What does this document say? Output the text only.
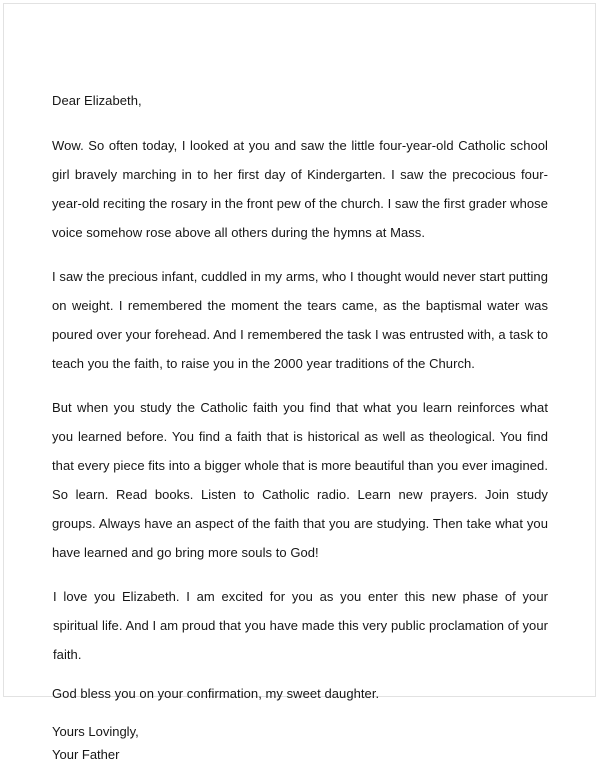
Dear Elizabeth,

Wow. So often today, I looked at you and saw the little four-year-old Catholic school girl bravely marching in to her first day of Kindergarten. I saw the precocious four-year-old reciting the rosary in the front pew of the church. I saw the first grader whose voice somehow rose above all others during the hymns at Mass.

I saw the precious infant, cuddled in my arms, who I thought would never start putting on weight. I remembered the moment the tears came, as the baptismal water was poured over your forehead. And I remembered the task I was entrusted with, a task to teach you the faith, to raise you in the 2000 year traditions of the Church.

But when you study the Catholic faith you find that what you learn reinforces what you learned before. You find a faith that is historical as well as theological. You find that every piece fits into a bigger whole that is more beautiful than you ever imagined. So learn. Read books. Listen to Catholic radio. Learn new prayers. Join study groups. Always have an aspect of the faith that you are studying. Then take what you have learned and go bring more souls to God!

I love you Elizabeth. I am excited for you as you enter this new phase of your spiritual life. And I am proud that you have made this very public proclamation of your faith.

God bless you on your confirmation, my sweet daughter.

Yours Lovingly,

Your Father
